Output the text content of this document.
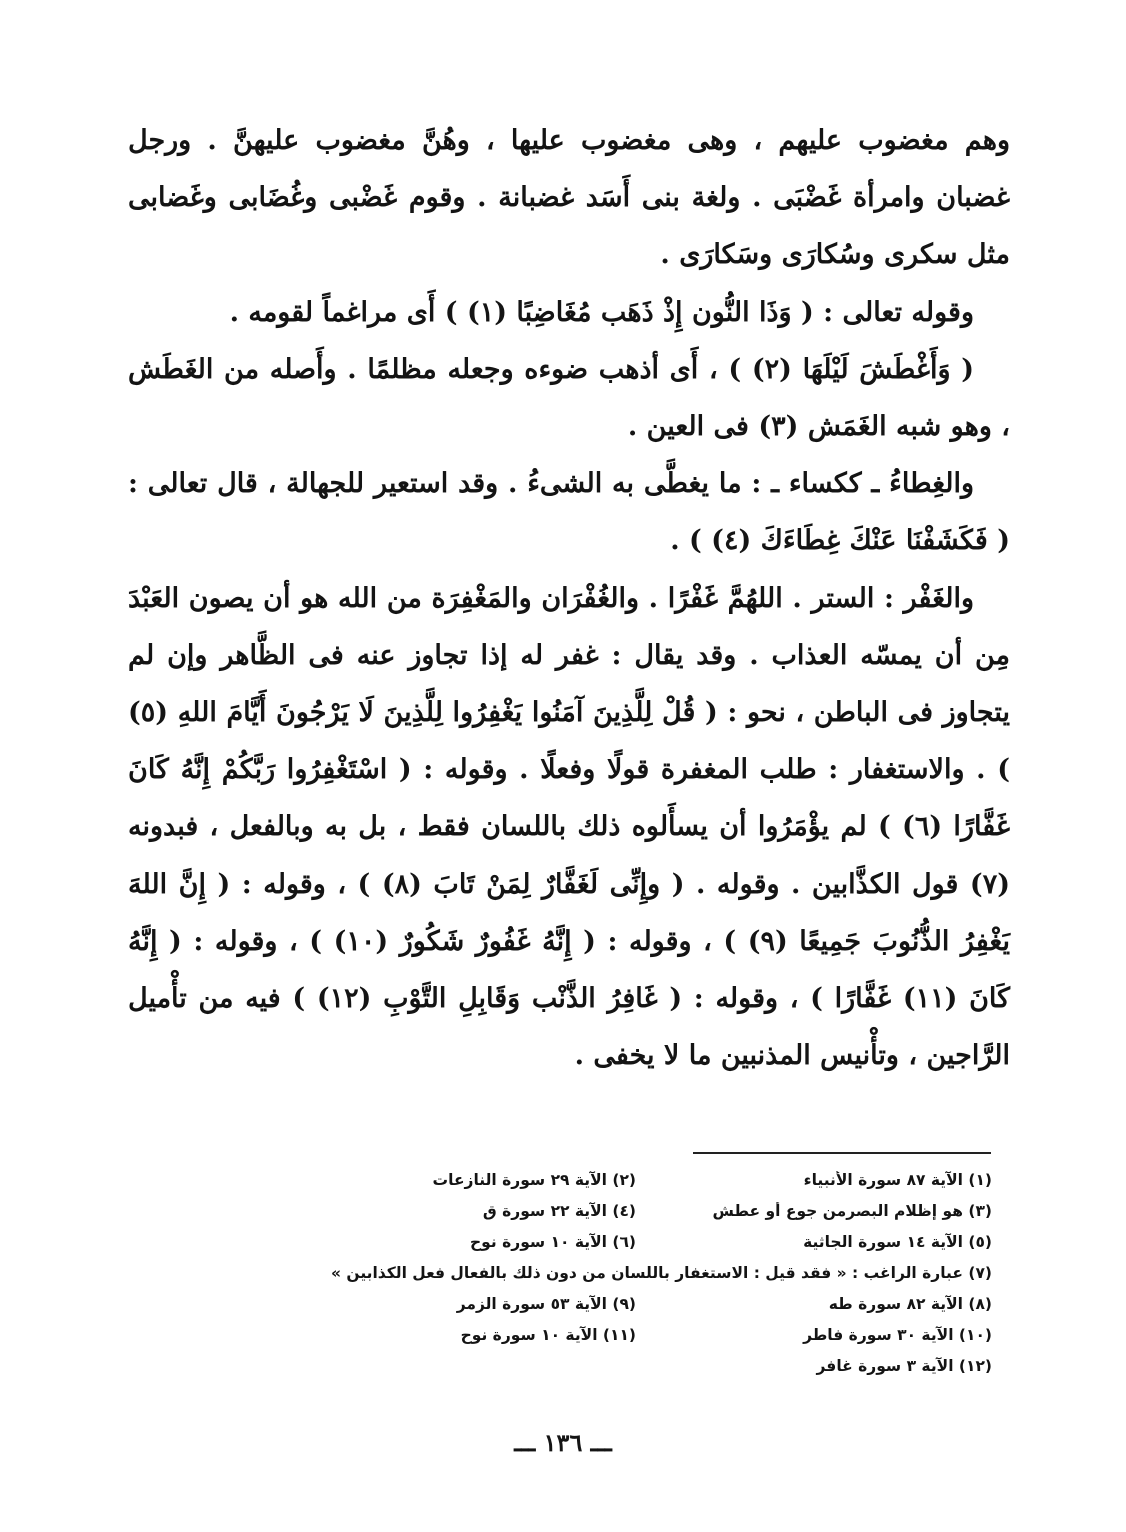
وهم مغضوب عليهم ، وهى مغضوب عليها ، وهُنَّ مغضوب عليهنَّ . ورجل غضبان وامرأة غَضْبَى . ولغة بنى أَسَد غضبانة . وقوم غَضْبى وغُضَابى وغَضابى مثل سكرى وسُكارَى وسَكارَى .

وقوله تعالى : ( وَذَا النُّون إِذْ ذَهَب مُغَاضِبًا (١) ) أَى مراغماً لقومه .

( وَأَغْطَشَ لَيْلَهَا (٢) ) ، أَى أذهب ضوءه وجعله مظلمًا . وأَصله من الغَطَش ، وهو شبه الغَمَش (٣) فى العين .

والغِطاءُ ـ ككساء ـ : ما يغطَّى به الشىءُ . وقد استعير للجهالة ، قال تعالى : ( فَكَشَفْنَا عَنْكَ غِطَاءَكَ (٤) ) .

والغَفْر : الستر . اللهُمَّ غَفْرًا . والغُفْرَان والمَغْفِرَة من الله هو أن يصون العَبْدَ مِن أن يمسّه العذاب . وقد يقال : غفر له إذا تجاوز عنه فى الظَّاهر وإن لم يتجاوز فى الباطن ، نحو : ( قُلْ لِلَّذِينَ آمَنُوا يَغْفِرُوا لِلَّذِينَ لَا يَرْجُونَ أَيَّامَ اللهِ (٥) ) . والاستغفار : طلب المغفرة قولًا وفعلًا . وقوله : ( اسْتَغْفِرُوا رَبَّكُمْ إِنَّهُ كَانَ غَفَّارًا (٦) ) لم يؤْمَرُوا أن يسأَلوه ذلك باللسان فقط ، بل به وبالفعل ، فبدونه (٧) قول الكذَّابين . وقوله . ( وإِنِّى لَغَفَّارٌ لِمَنْ تَابَ (٨) ) ، وقوله : ( إِنَّ اللهَ يَغْفِرُ الذُّنُوبَ جَمِيعًا (٩) ) ، وقوله : ( إِنَّهُ غَفُورٌ شَكُورٌ (١٠) ) ، وقوله : ( إِنَّهُ كَانَ (١١) غَفَّارًا ) ، وقوله : ( غَافِرُ الذَّنْب وَقَابِلِ التَّوْبِ (١٢) ) فيه من تأْميل الرَّاجين ، وتأْنيس المذنبين ما لا يخفى .

(١) الآية ٨٧ سورة الأنبياء
(٢) الآية ٢٩ سورة النازعات
(٣) هو إظلام البصرمن جوع أو عطش
(٤) الآية ٢٢ سورة ق
(٥) الآية ١٤ سورة الجاثية
(٦) الآية ١٠ سورة نوح
(٧) عبارة الراغب : « فقد قيل : الاستغفار باللسان من دون ذلك بالفعال فعل الكذابين »
(٨) الآية ٨٢ سورة طه
(٩) الآية ٥٣ سورة الزمر
(١٠) الآية ٣٠ سورة فاطر
(١١) الآية ١٠ سورة نوح
(١٢) الآية ٣ سورة غافر
ـــ ١٣٦ ـــ
